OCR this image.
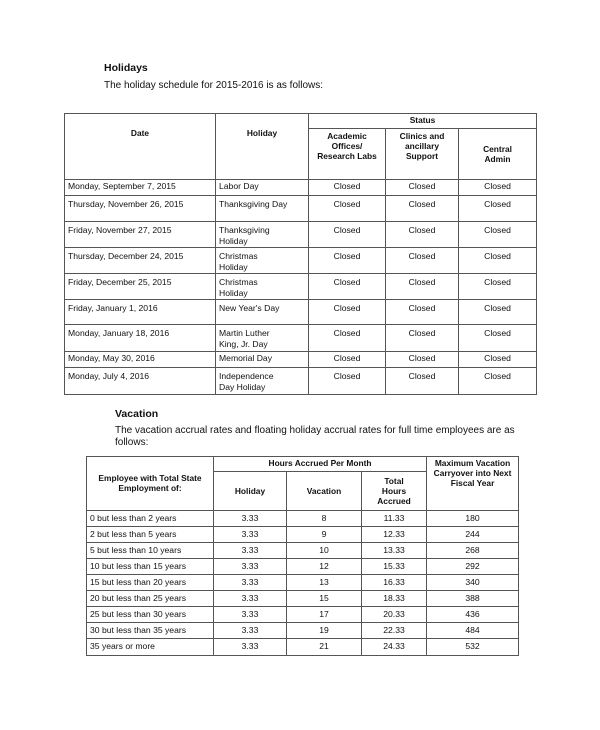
Holidays
The holiday schedule for 2015-2016 is as follows:
Date	Holiday	Status		
		Academic Offices/ Research Labs	Clinics and ancillary Support	Central Admin
Monday, September 7, 2015	Labor Day	Closed	Closed	Closed
Thursday, November 26, 2015	Thanksgiving Day	Closed	Closed	Closed
Friday, November 27, 2015	Thanksgiving Holiday	Closed	Closed	Closed
Thursday, December 24, 2015	Christmas Holiday	Closed	Closed	Closed
Friday, December 25, 2015	Christmas Holiday	Closed	Closed	Closed
Friday, January 1, 2016	New Year's Day	Closed	Closed	Closed
Monday, January 18, 2016	Martin Luther King, Jr. Day	Closed	Closed	Closed
Monday, May 30, 2016	Memorial Day	Closed	Closed	Closed
Monday, July 4, 2016	Independence Day Holiday	Closed	Closed	Closed
Vacation
The vacation accrual rates and floating holiday accrual rates for full time employees are as follows:
Employee with Total State Employment of:	Hours Accrued Per Month			Maximum Vacation Carryover into Next Fiscal Year
	Holiday	Vacation	Total Hours Accrued	
0 but less than 2 years	3.33	8	11.33	180
2 but less than 5 years	3.33	9	12.33	244
5 but less than 10 years	3.33	10	13.33	268
10 but less than 15 years	3.33	12	15.33	292
15 but less than 20 years	3.33	13	16.33	340
20 but less than 25 years	3.33	15	18.33	388
25 but less than 30 years	3.33	17	20.33	436
30 but less than 35 years	3.33	19	22.33	484
35 years or more	3.33	21	24.33	532
